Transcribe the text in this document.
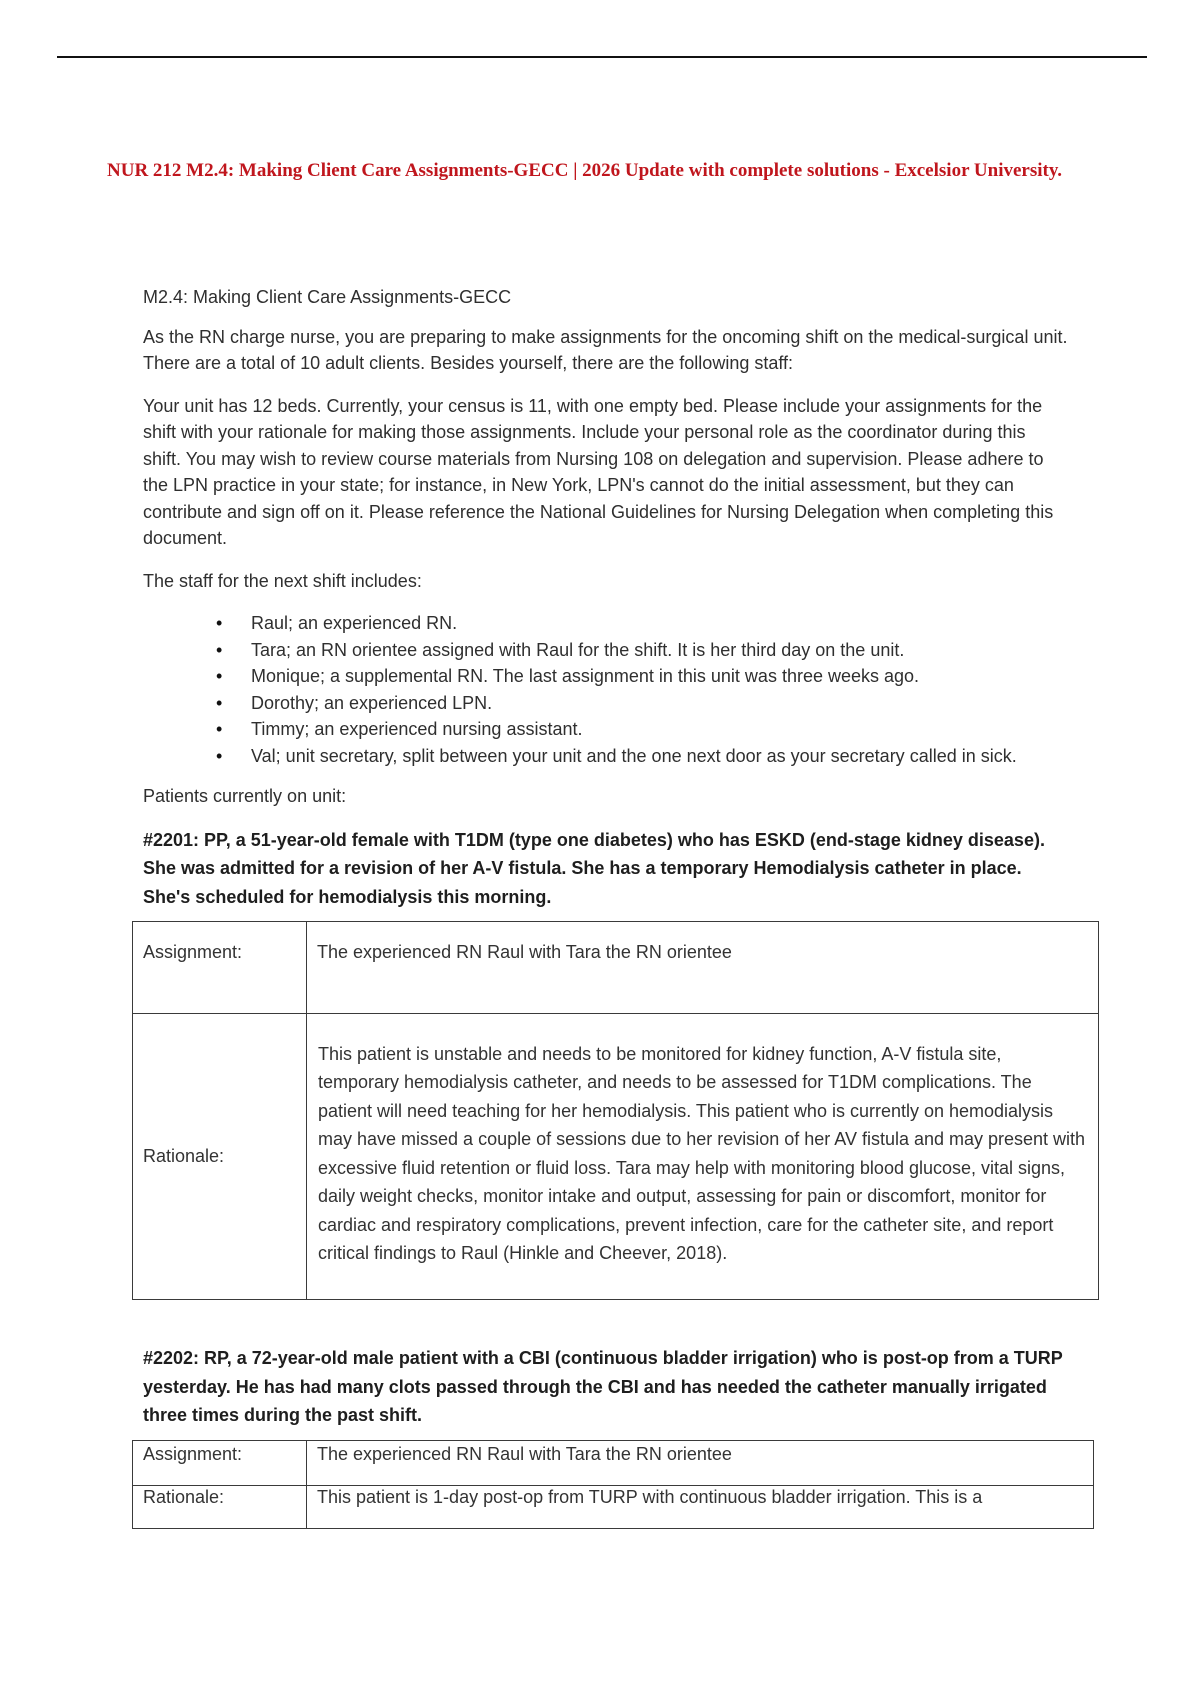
NUR 212 M2.4: Making Client Care Assignments-GECC | 2026 Update with complete solutions - Excelsior University.

M2.4: Making Client Care Assignments-GECC

As the RN charge nurse, you are preparing to make assignments for the oncoming shift on the medical-surgical unit. There are a total of 10 adult clients. Besides yourself, there are the following staff:

Your unit has 12 beds. Currently, your census is 11, with one empty bed. Please include your assignments for the shift with your rationale for making those assignments. Include your personal role as the coordinator during this shift. You may wish to review course materials from Nursing 108 on delegation and supervision. Please adhere to the LPN practice in your state; for instance, in New York, LPN's cannot do the initial assessment, but they can contribute and sign off on it. Please reference the National Guidelines for Nursing Delegation when completing this document.

The staff for the next shift includes:

• Raul; an experienced RN.
• Tara; an RN orientee assigned with Raul for the shift. It is her third day on the unit.
• Monique; a supplemental RN. The last assignment in this unit was three weeks ago.
• Dorothy; an experienced LPN.
• Timmy; an experienced nursing assistant.
• Val; unit secretary, split between your unit and the one next door as your secretary called in sick.

Patients currently on unit:

#2201: PP, a 51-year-old female with T1DM (type one diabetes) who has ESKD (end-stage kidney disease). She was admitted for a revision of her A-V fistula. She has a temporary Hemodialysis catheter in place. She's scheduled for hemodialysis this morning.

Assignment:	The experienced RN Raul with Tara the RN orientee
Rationale:	This patient is unstable and needs to be monitored for kidney function, A-V fistula site, temporary hemodialysis catheter, and needs to be assessed for T1DM complications. The patient will need teaching for her hemodialysis. This patient who is currently on hemodialysis may have missed a couple of sessions due to her revision of her AV fistula and may present with excessive fluid retention or fluid loss. Tara may help with monitoring blood glucose, vital signs, daily weight checks, monitor intake and output, assessing for pain or discomfort, monitor for cardiac and respiratory complications, prevent infection, care for the catheter site, and report critical findings to Raul (Hinkle and Cheever, 2018).

#2202: RP, a 72-year-old male patient with a CBI (continuous bladder irrigation) who is post-op from a TURP yesterday. He has had many clots passed through the CBI and has needed the catheter manually irrigated three times during the past shift.

Assignment:	The experienced RN Raul with Tara the RN orientee
Rationale:	This patient is 1-day post-op from TURP with continuous bladder irrigation. This is a
